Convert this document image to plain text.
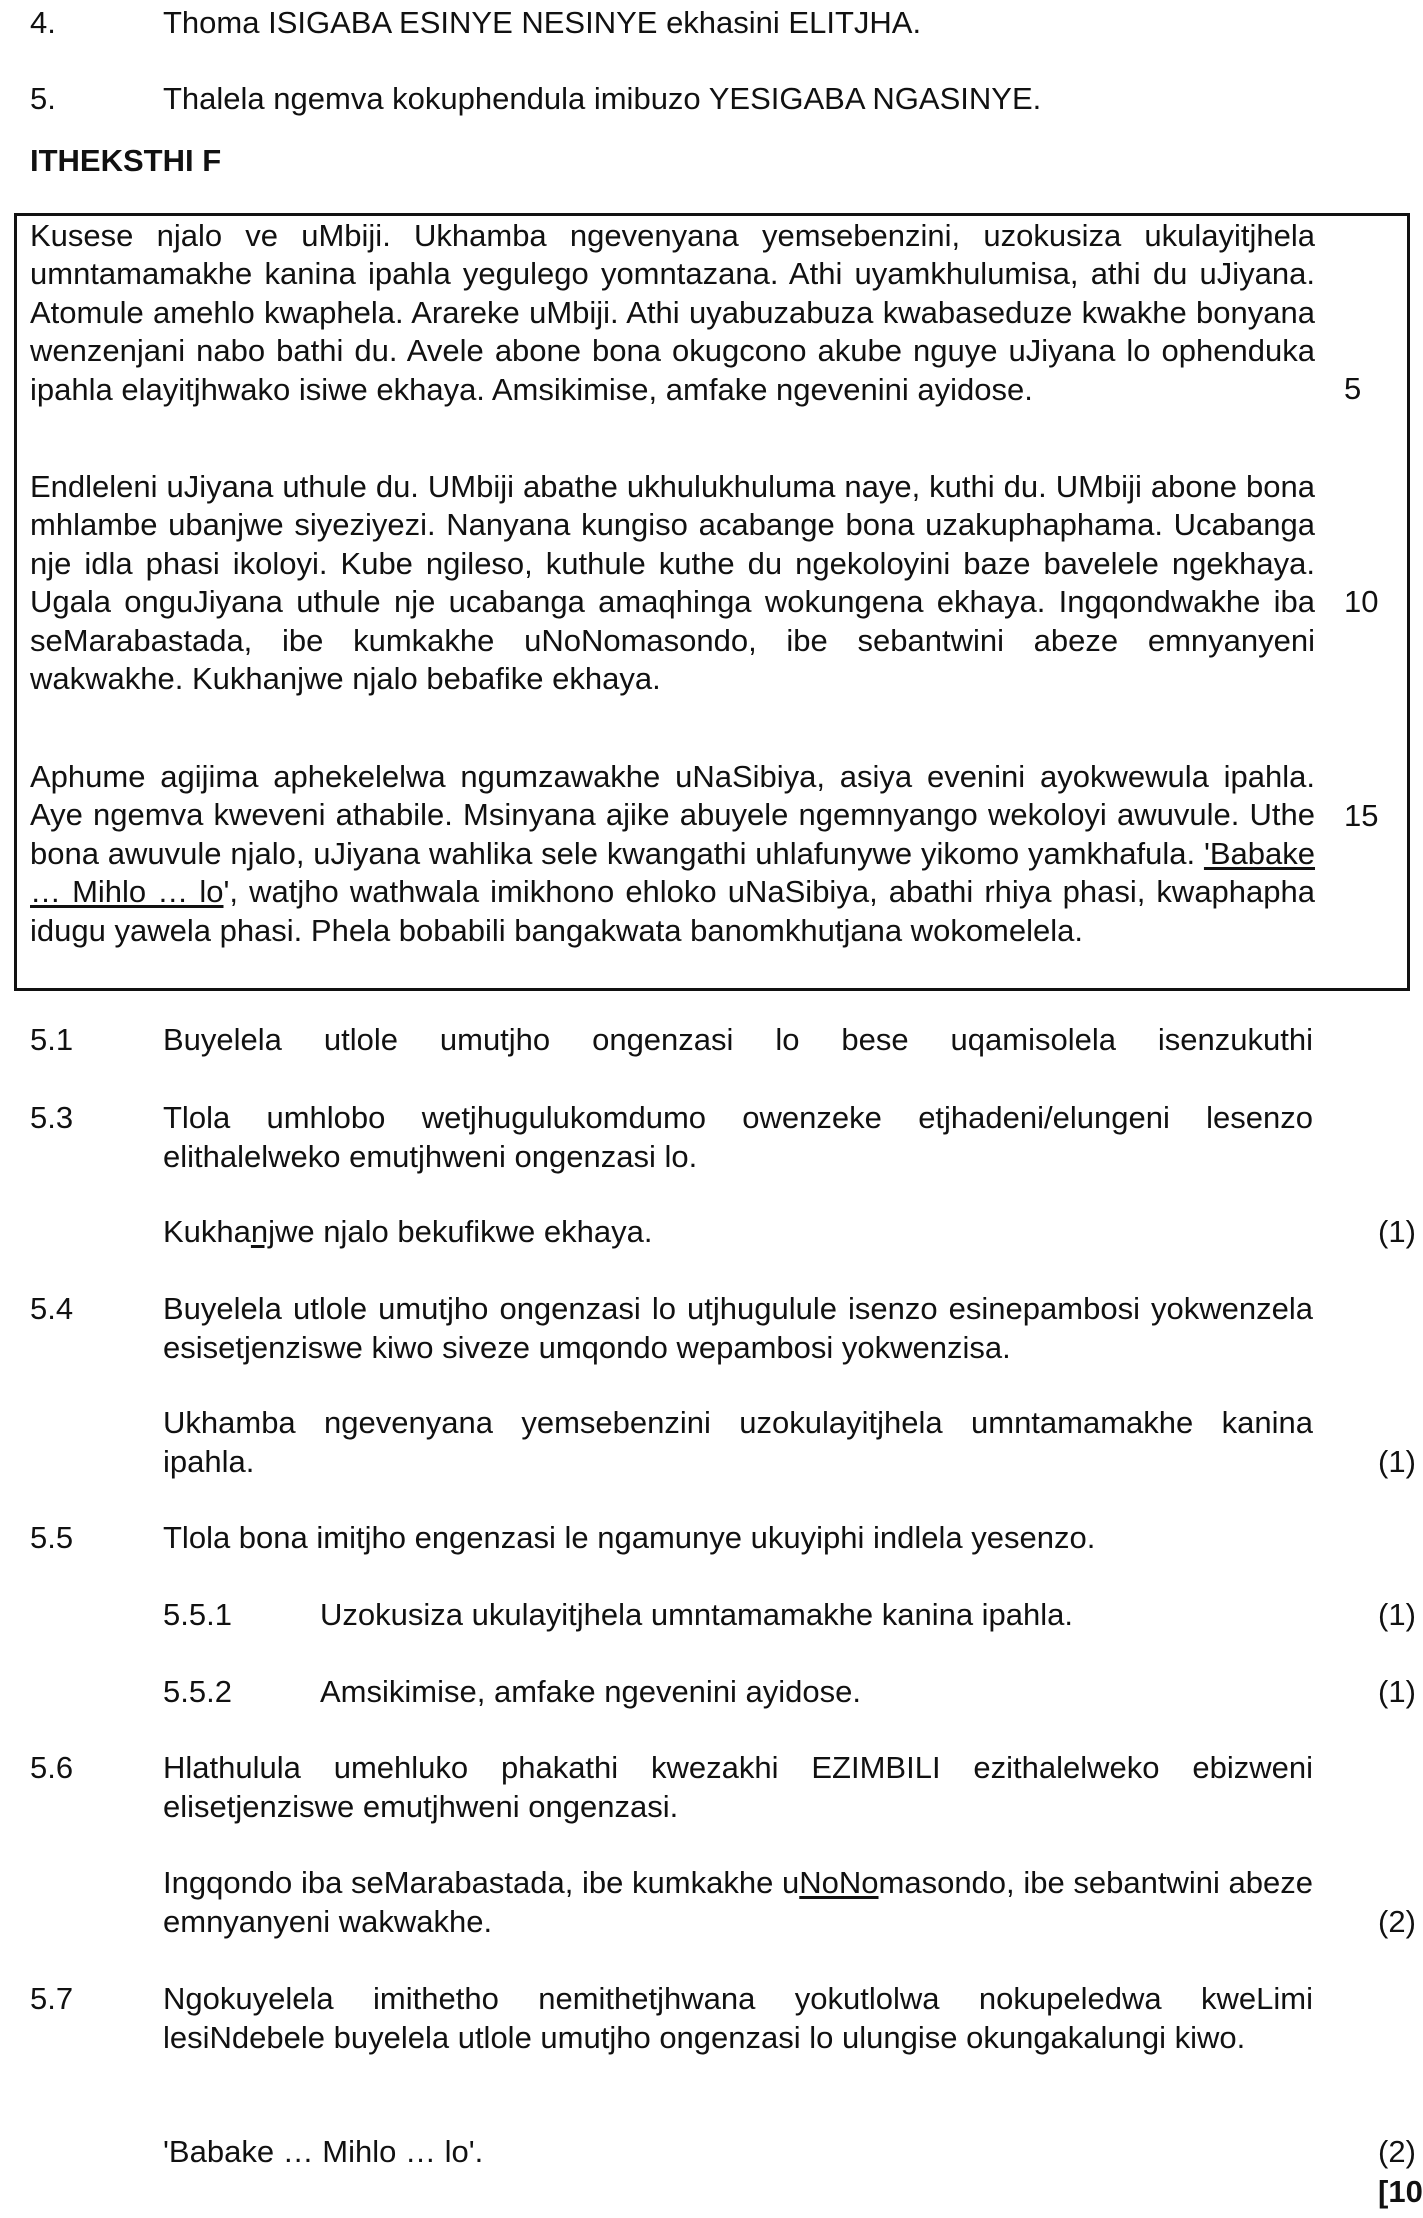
4.	Thoma ISIGABA ESINYE NESINYE ekhasini ELITJHA.
5.	Thalela ngemva kokuphendula imibuzo YESIGABA NGASINYE.
ITHEKSTHI F
Kusese njalo ve uMbiji. Ukhamba ngevenyana yemsebenzini, uzokusiza ukulayitjhela umntamamakhe kanina ipahla yegulego yomntazana. Athi uyamkhulumisa, athi du uJiyana. Atomule amehlo kwaphela. Arareke uMbiji. Athi uyabuzabuza kwabaseduze kwakhe bonyana wenzenjani nabo bathi du. Avele abone bona okugcono akube nguye uJiyana lo ophenduka ipahla elayitjhwako isiwe ekhaya. Amsikimise, amfake ngevenini ayidose.
Endleleni uJiyana uthule du. UMbiji abathe ukhulukhuluma naye, kuthi du. UMbiji abone bona mhlambe ubanjwe siyeziyezi. Nanyana kungiso acabange bona uzakuphaphama. Ucabanga nje idla phasi ikoloyi. Kube ngileso, kuthule kuthe du ngekoloyini baze bavelele ngekhaya. Ugala onguJiyana uthule nje ucabanga amaqhinga wokungena ekhaya. Ingqondwakhe iba seMarabastada, ibe kumkakhe uNoNomasondo, ibe sebantwini abeze emnyanyeni wakwakhe. Kukhanjwe njalo bebafike ekhaya.
Aphume agijima aphekelelwa ngumzawakhe uNaSibiya, asiya evenini ayokwewula ipahla. Aye ngemva kweveni athabile. Msinyana ajike abuyele ngemnyango wekoloyi awuvule. Uthe bona awuvule njalo, uJiyana wahlika sele kwangathi uhlafunywe yikomo yamkhafula. 'Babake … Mihlo … lo', watjho wathwala imikhono ehloko uNaSibiya, abathi rhiya phasi, kwaphapha idugu yawela phasi. Phela bobabili bangakwata banomkhutjana wokomelela.
5
10
15
5.1	Buyelela utlole umutjho ongenzasi lo bese uqamisolela isenzukuthi
5.3	Tlola umhlobo wetjhugulukomdumo owenzeke etjhadeni/elungeni lesenzo elithalelweko emutjhweni ongenzasi lo.
Kukhanjwe njalo bekufikwe ekhaya.	(1)
5.4	Buyelela utlole umutjho ongenzasi lo utjhugulule isenzo esinepambosi yokwenzela esisetjenziswe kiwo siveze umqondo wepambosi yokwenzisa.
Ukhamba ngevenyana yemsebenzini uzokulayitjhela umntamamakhe kanina ipahla.	(1)
5.5	Tlola bona imitjho engenzasi le ngamunye ukuyiphi indlela yesenzo.
5.5.1	Uzokusiza ukulayitjhela umntamamakhe kanina ipahla.	(1)
5.5.2	Amsikimise, amfake ngevenini ayidose.	(1)
5.6	Hlathulula umehluko phakathi kwezakhi EZIMBILI ezithalelweko ebizweni elisetjenziswe emutjhweni ongenzasi.
Ingqondo iba seMarabastada, ibe kumkakhe uNoNomasondo, ibe sebantwini abeze emnyanyeni wakwakhe.	(2)
5.7	Ngokuyelela imithetho nemithetjhwana yokutlolwa nokupeledwa kweLimi lesiNdebele buyelela utlole umutjho ongenzasi lo ulungise okungakalungi kiwo.
'Babake … Mihlo … lo'.	(2)
[10
